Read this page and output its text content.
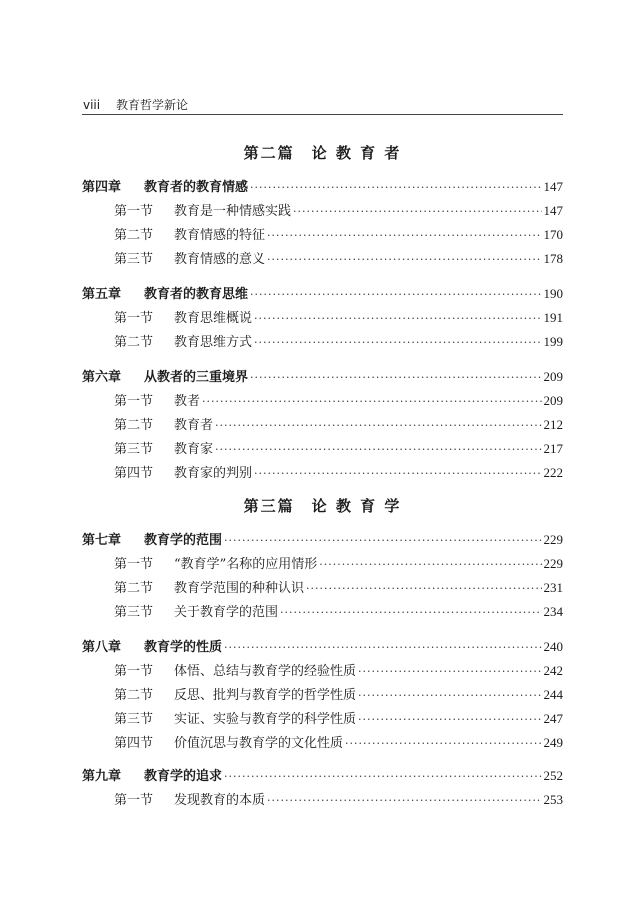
viii 教育哲学新论
第二篇　论 教 育 者
第四章 教育者的教育情感 ·····	147
第一节 教育是一种情感实践 ·····	147
第二节 教育情感的特征 ·····	170
第三节 教育情感的意义 ·····	178
第五章 教育者的教育思维 ·····	190
第一节 教育思维概说 ·····	191
第二节 教育思维方式 ·····	199
第六章 从教者的三重境界 ·····	209
第一节 教者 ·····	209
第二节 教育者 ·····	212
第三节 教育家 ·····	217
第四节 教育家的判别 ·····	222
第三篇　论 教 育 学
第七章 教育学的范围 ·····	229
第一节 “教育学”名称的应用情形 ·····	229
第二节 教育学范围的种种认识 ·····	231
第三节 关于教育学的范围 ·····	234
第八章 教育学的性质 ·····	240
第一节 体悟、总结与教育学的经验性质 ·····	242
第二节 反思、批判与教育学的哲学性质 ·····	244
第三节 实证、实验与教育学的科学性质 ·····	247
第四节 价值沉思与教育学的文化性质 ·····	249
第九章 教育学的追求 ·····	252
第一节 发现教育的本质 ·····	253
